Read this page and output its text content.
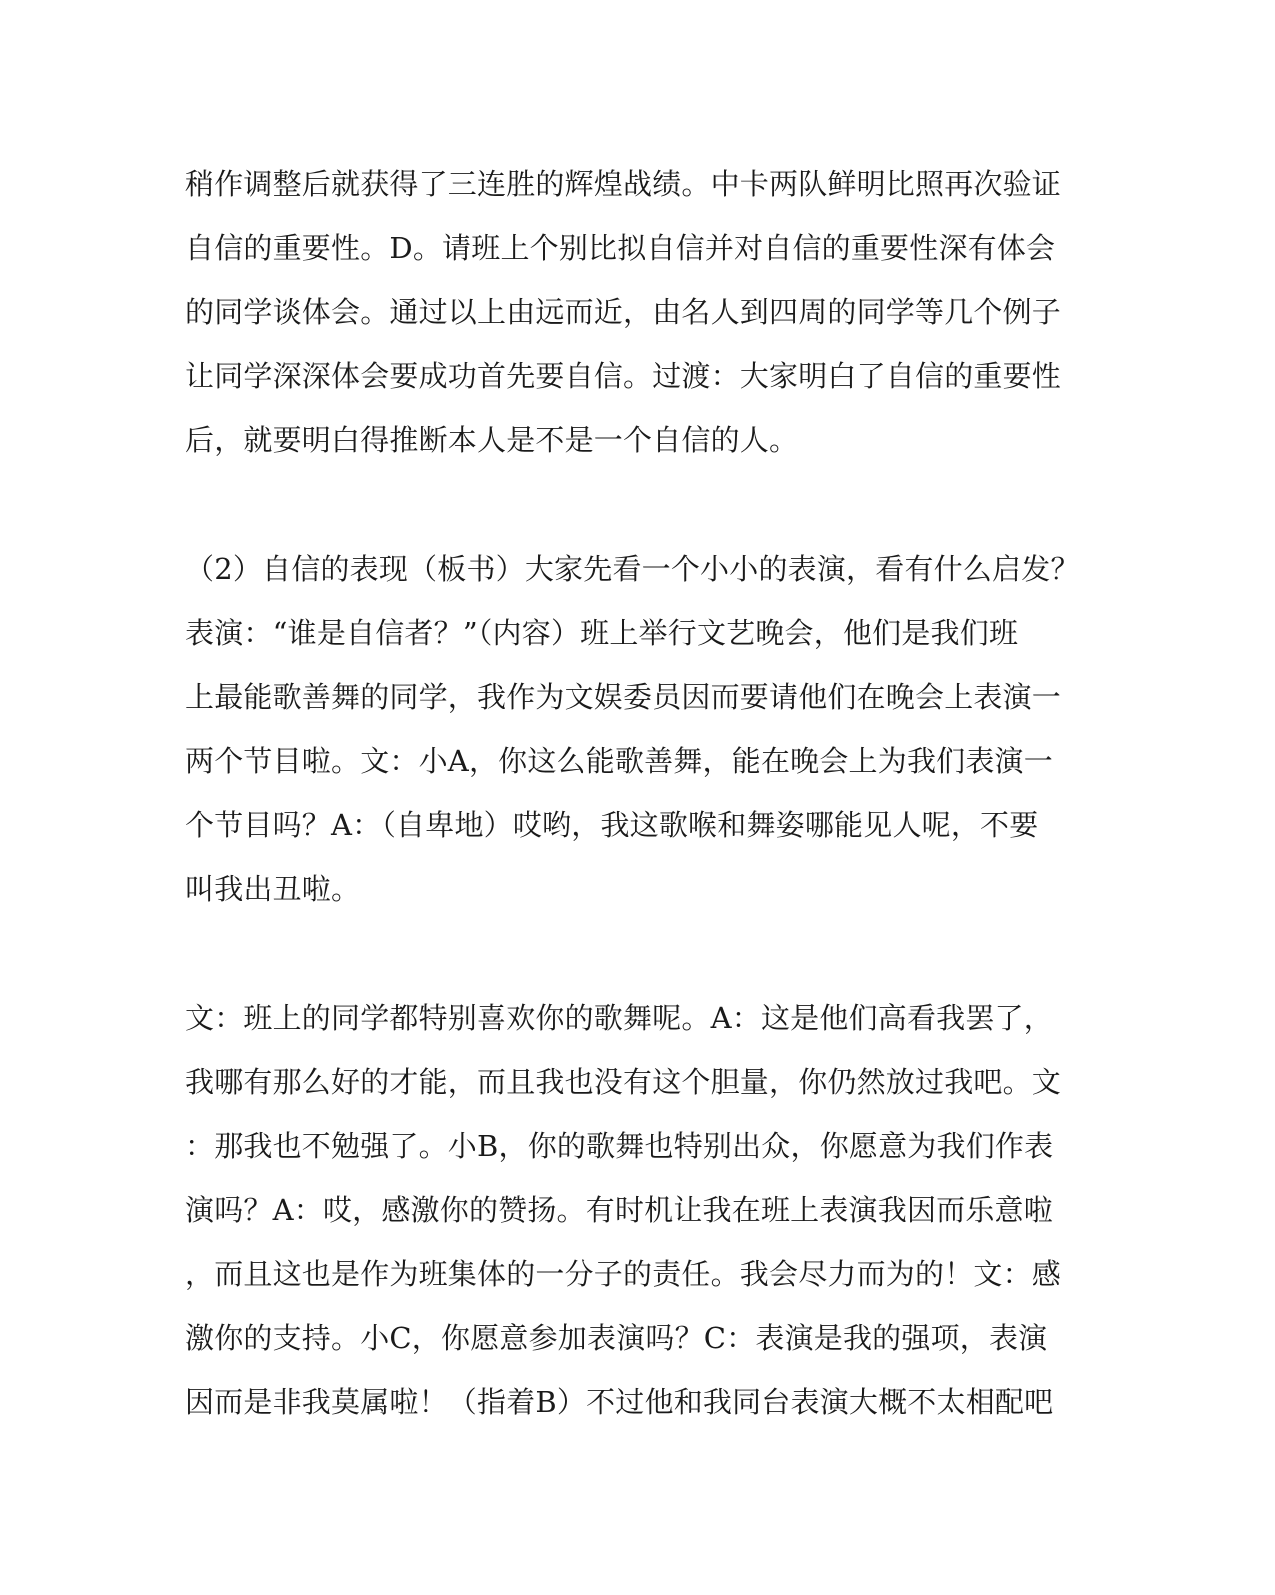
稍作调整后就获得了三连胜的辉煌战绩。中卡两队鲜明比照再次验证
自信的重要性。D。请班上个别比拟自信并对自信的重要性深有体会
的同学谈体会。通过以上由远而近，由名人到四周的同学等几个例子
让同学深深体会要成功首先要自信。过渡：大家明白了自信的重要性
后，就要明白得推断本人是不是一个自信的人。
（2）自信的表现（板书）大家先看一个小小的表演，看有什么启发？
表演：“谁是自信者？”（内容）班上举行文艺晚会，他们是我们班
上最能歌善舞的同学，我作为文娱委员因而要请他们在晚会上表演一
两个节目啦。文：小A，你这么能歌善舞，能在晚会上为我们表演一
个节目吗？A：（自卑地）哎哟，我这歌喉和舞姿哪能见人呢，不要
叫我出丑啦。
文：班上的同学都特别喜欢你的歌舞呢。A：这是他们高看我罢了，
我哪有那么好的才能，而且我也没有这个胆量，你仍然放过我吧。文
：那我也不勉强了。小B，你的歌舞也特别出众，你愿意为我们作表
演吗？A：哎，感激你的赞扬。有时机让我在班上表演我因而乐意啦
，而且这也是作为班集体的一分子的责任。我会尽力而为的！文：感
激你的支持。小C，你愿意参加表演吗？C：表演是我的强项，表演
因而是非我莫属啦！（指着B）不过他和我同台表演大概不太相配吧
